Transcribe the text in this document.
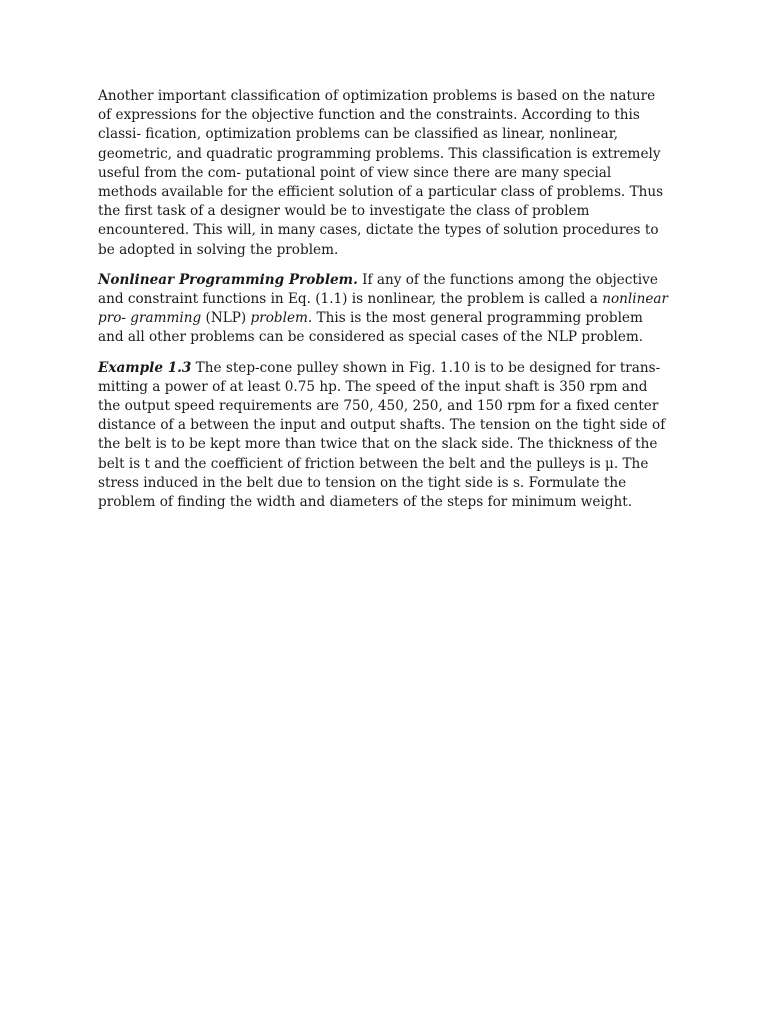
Another important classification of optimization problems is based on the nature of expressions for the objective function and the constraints. According to this classi- fication, optimization problems can be classified as linear, nonlinear, geometric, and quadratic programming problems. This classification is extremely useful from the com- putational point of view since there are many special methods available for the efficient solution of a particular class of problems. Thus the first task of a designer would be to investigate the class of problem encountered. This will, in many cases, dictate the types of solution procedures to be adopted in solving the problem.

Nonlinear Programming Problem. If any of the functions among the objective and constraint functions in Eq. (1.1) is nonlinear, the problem is called a nonlinear pro- gramming (NLP) problem. This is the most general programming problem and all other problems can be considered as special cases of the NLP problem.

Example 1.3 The step-cone pulley shown in Fig. 1.10 is to be designed for trans- mitting a power of at least 0.75 hp. The speed of the input shaft is 350 rpm and the output speed requirements are 750, 450, 250, and 150 rpm for a fixed center distance of a between the input and output shafts. The tension on the tight side of the belt is to be kept more than twice that on the slack side. The thickness of the belt is t and the coefficient of friction between the belt and the pulleys is μ. The stress induced in the belt due to tension on the tight side is s. Formulate the problem of finding the width and diameters of the steps for minimum weight.
